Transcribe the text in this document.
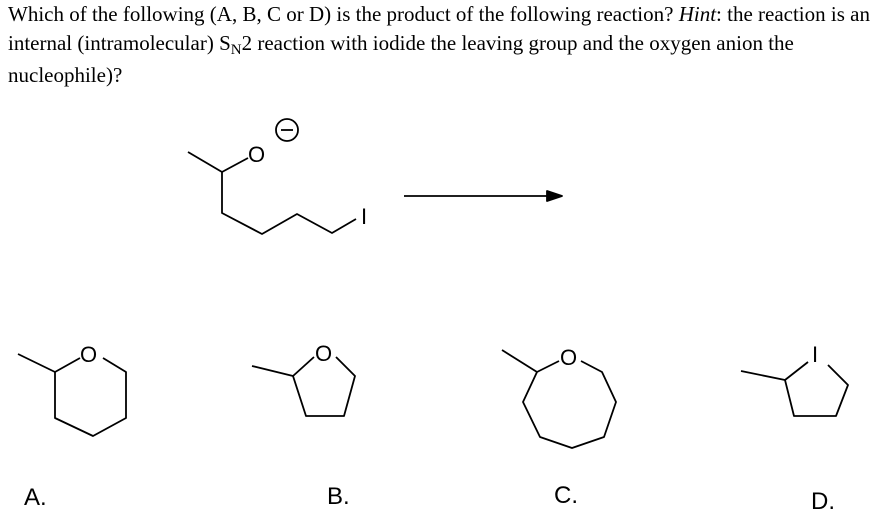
Which of the following (A, B, C or D) is the product of the following reaction? Hint: the reaction is an internal (intramolecular) SN2 reaction with iodide the leaving group and the oxygen anion the nucleophile)?
O
I
O	O	O	I
A.	B.	C.	D.
